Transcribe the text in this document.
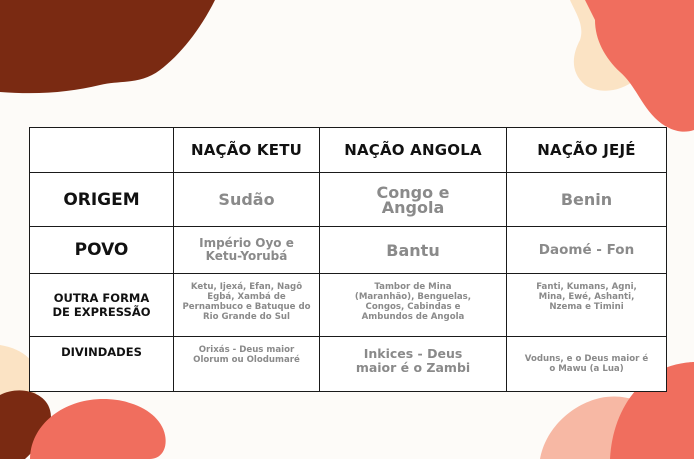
	NAÇÃO KETU	NAÇÃO ANGOLA	NAÇÃO JEJÉ
ORIGEM	Sudão	Congo e Angola	Benin
POVO	Império Oyo e Ketu-Yorubá	Bantu	Daomé - Fon
OUTRA FORMA DE EXPRESSÃO	Ketu, Ijexá, Efan, Nagô Egbá, Xambá de Pernambuco e Batuque do Rio Grande do Sul	Tambor de Mina (Maranhão), Benguelas, Congos, Cabindas e Ambundos de Angola	Fanti, Kumans, Agni, Mina, Ewé, Ashanti, Nzema e Timini
DIVINDADES	Orixás - Deus maior Olorum ou Olodumaré	Inkices - Deus maior é o Zambi	Voduns, e o Deus maior é o Mawu (a Lua)
